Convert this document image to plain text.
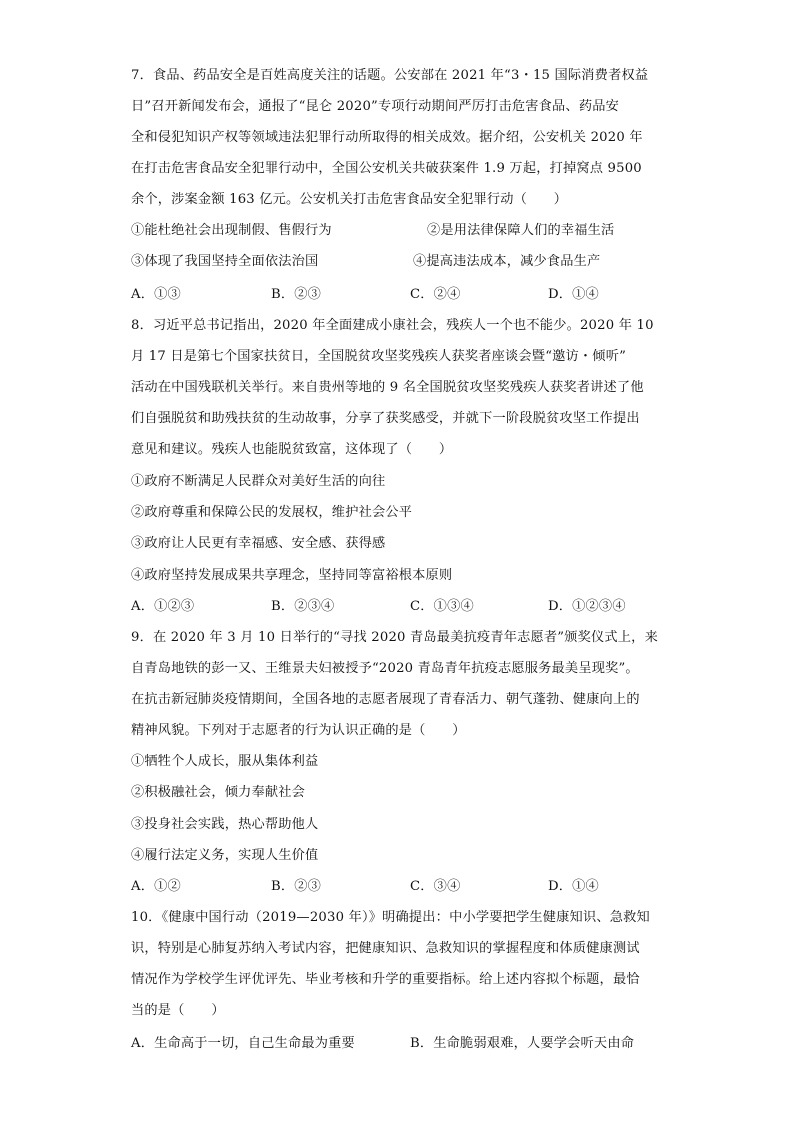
7．食品、药品安全是百姓高度关注的话题。公安部在 2021 年“3・15 国际消费者权益
日”召开新闻发布会，通报了“昆仑 2020”专项行动期间严厉打击危害食品、药品安
全和侵犯知识产权等领域违法犯罪行动所取得的相关成效。据介绍，公安机关 2020 年
在打击危害食品安全犯罪行动中，全国公安机关共破获案件 1.9 万起，打掉窝点 9500
余个，涉案金额 163 亿元。公安机关打击危害食品安全犯罪行动（　　）
①能杜绝社会出现制假、售假行为	②是用法律保障人们的幸福生活
③体现了我国坚持全面依法治国	④提高违法成本，减少食品生产
A．①③	B．②③	C．②④	D．①④
8．习近平总书记指出，2020 年全面建成小康社会，残疾人一个也不能少。2020 年 10
月 17 日是第七个国家扶贫日，全国脱贫攻坚奖残疾人获奖者座谈会暨“邀访・倾听”
活动在中国残联机关举行。来自贵州等地的 9 名全国脱贫攻坚奖残疾人获奖者讲述了他
们自强脱贫和助残扶贫的生动故事，分享了获奖感受，并就下一阶段脱贫攻坚工作提出
意见和建议。残疾人也能脱贫致富，这体现了（　　）
①政府不断满足人民群众对美好生活的向往
②政府尊重和保障公民的发展权，维护社会公平
③政府让人民更有幸福感、安全感、获得感
④政府坚持发展成果共享理念，坚持同等富裕根本原则
A．①②③	B．②③④	C．①③④	D．①②③④
9．在 2020 年 3 月 10 日举行的“寻找 2020 青岛最美抗疫青年志愿者”颁奖仪式上，来
自青岛地铁的彭一又、王维景夫妇被授予“2020 青岛青年抗疫志愿服务最美呈现奖”。
在抗击新冠肺炎疫情期间，全国各地的志愿者展现了青春活力、朝气蓬勃、健康向上的
精神风貌。下列对于志愿者的行为认识正确的是（　　）
①牺牲个人成长，服从集体利益
②积极融社会，倾力奉献社会
③投身社会实践，热心帮助他人
④履行法定义务，实现人生价值
A．①②	B．②③	C．③④	D．①④
10．《健康中国行动（2019—2030 年）》明确提出：中小学要把学生健康知识、急救知
识，特别是心肺复苏纳入考试内容，把健康知识、急救知识的掌握程度和体质健康测试
情况作为学校学生评优评先、毕业考核和升学的重要指标。给上述内容拟个标题，最恰
当的是（　　）
A．生命高于一切，自己生命最为重要	B．生命脆弱艰难，人要学会听天由命
